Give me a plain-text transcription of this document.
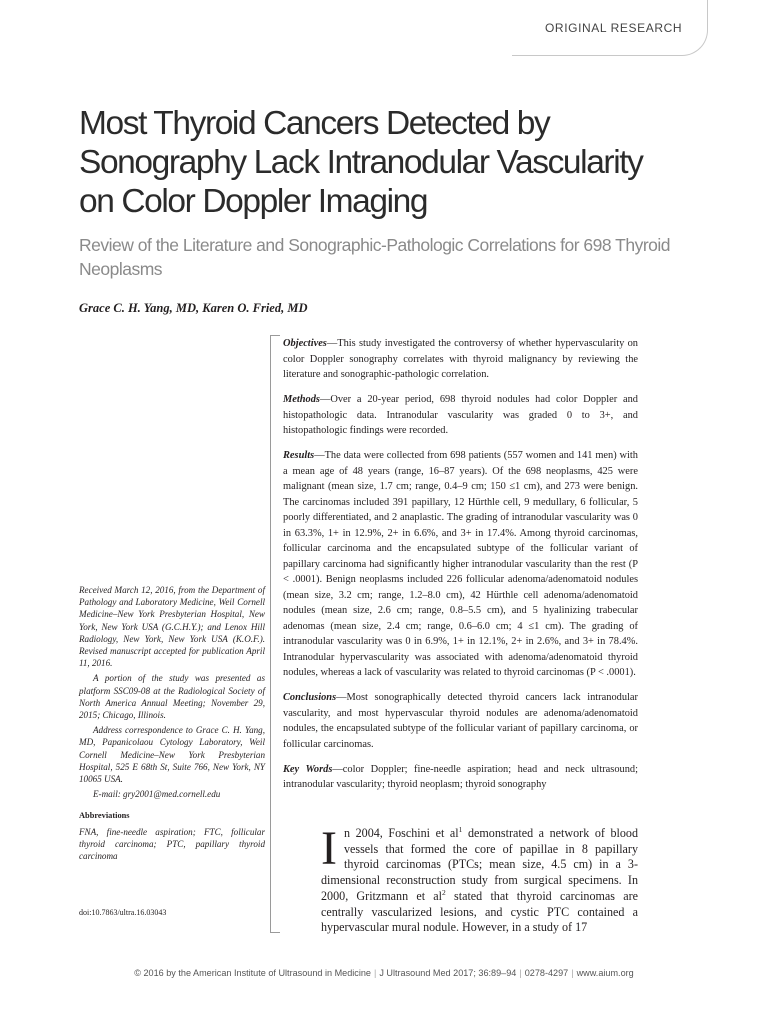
ORIGINAL RESEARCH
Most Thyroid Cancers Detected by Sonography Lack Intranodular Vascularity on Color Doppler Imaging
Review of the Literature and Sonographic-Pathologic Correlations for 698 Thyroid Neoplasms

Grace C. H. Yang, MD, Karen O. Fried, MD

Objectives—This study investigated the controversy of whether hypervascularity on color Doppler sonography correlates with thyroid malignancy by reviewing the literature and sonographic-pathologic correlation.

Methods—Over a 20-year period, 698 thyroid nodules had color Doppler and histopathologic data. Intranodular vascularity was graded 0 to 3+, and histopathologic findings were recorded.

Results—The data were collected from 698 patients (557 women and 141 men) with a mean age of 48 years (range, 16–87 years). Of the 698 neoplasms, 425 were malignant (mean size, 1.7 cm; range, 0.4–9 cm; 150 ≤1 cm), and 273 were benign. The carcinomas included 391 papillary, 12 Hürthle cell, 9 medullary, 6 follicular, 5 poorly differentiated, and 2 anaplastic. The grading of intranodular vascularity was 0 in 63.3%, 1+ in 12.9%, 2+ in 6.6%, and 3+ in 17.4%. Among thyroid carcinomas, follicular carcinoma and the encapsulated subtype of the follicular variant of papillary carcinoma had significantly higher intranodular vascularity than the rest (P < .0001). Benign neoplasms included 226 follicular adenoma/adenomatoid nodules (mean size, 3.2 cm; range, 1.2–8.0 cm), 42 Hürthle cell adenoma/adenomatoid nodules (mean size, 2.6 cm; range, 0.8–5.5 cm), and 5 hyalinizing trabecular adenomas (mean size, 2.4 cm; range, 0.6–6.0 cm; 4 ≤1 cm). The grading of intranodular vascularity was 0 in 6.9%, 1+ in 12.1%, 2+ in 2.6%, and 3+ in 78.4%. Intranodular hypervascularity was associated with adenoma/adenomatoid thyroid nodules, whereas a lack of vascularity was related to thyroid carcinomas (P < .0001).

Conclusions—Most sonographically detected thyroid cancers lack intranodular vascularity, and most hypervascular thyroid nodules are adenoma/adenomatoid nodules, the encapsulated subtype of the follicular variant of papillary carcinoma, or follicular carcinomas.

Key Words—color Doppler; fine-needle aspiration; head and neck ultrasound; intranodular vascularity; thyroid neoplasm; thyroid sonography

Received March 12, 2016, from the Department of Pathology and Laboratory Medicine, Weil Cornell Medicine–New York Presbyterian Hospital, New York, New York USA (G.C.H.Y.); and Lenox Hill Radiology, New York, New York USA (K.O.F.). Revised manuscript accepted for publication April 11, 2016.

A portion of the study was presented as platform SSC09-08 at the Radiological Society of North America Annual Meeting; November 29, 2015; Chicago, Illinois.

Address correspondence to Grace C. H. Yang, MD, Papanicolaou Cytology Laboratory, Weil Cornell Medicine–New York Presbyterian Hospital, 525 E 68th St, Suite 766, New York, NY 10065 USA.

E-mail: gry2001@med.cornell.edu

Abbreviations

FNA, fine-needle aspiration; FTC, follicular thyroid carcinoma; PTC, papillary thyroid carcinoma

doi:10.7863/ultra.16.03043

In 2004, Foschini et $al^1$ demonstrated a network of blood vessels that formed the core of papillae in 8 papillary thyroid carcinomas (PTCs; mean size, 4.5 cm) in a 3-dimensional reconstruction study from surgical specimens. In 2000, Gritzmann et $al^2$ stated that thyroid carcinomas are centrally vascularized lesions, and cystic PTC contained a hypervascular mural nodule. However, in a study of 17

© 2016 by the American Institute of Ultrasound in Medicine | J Ultrasound Med 2017; 36:89–94 | 0278-4297 | www.aium.org
